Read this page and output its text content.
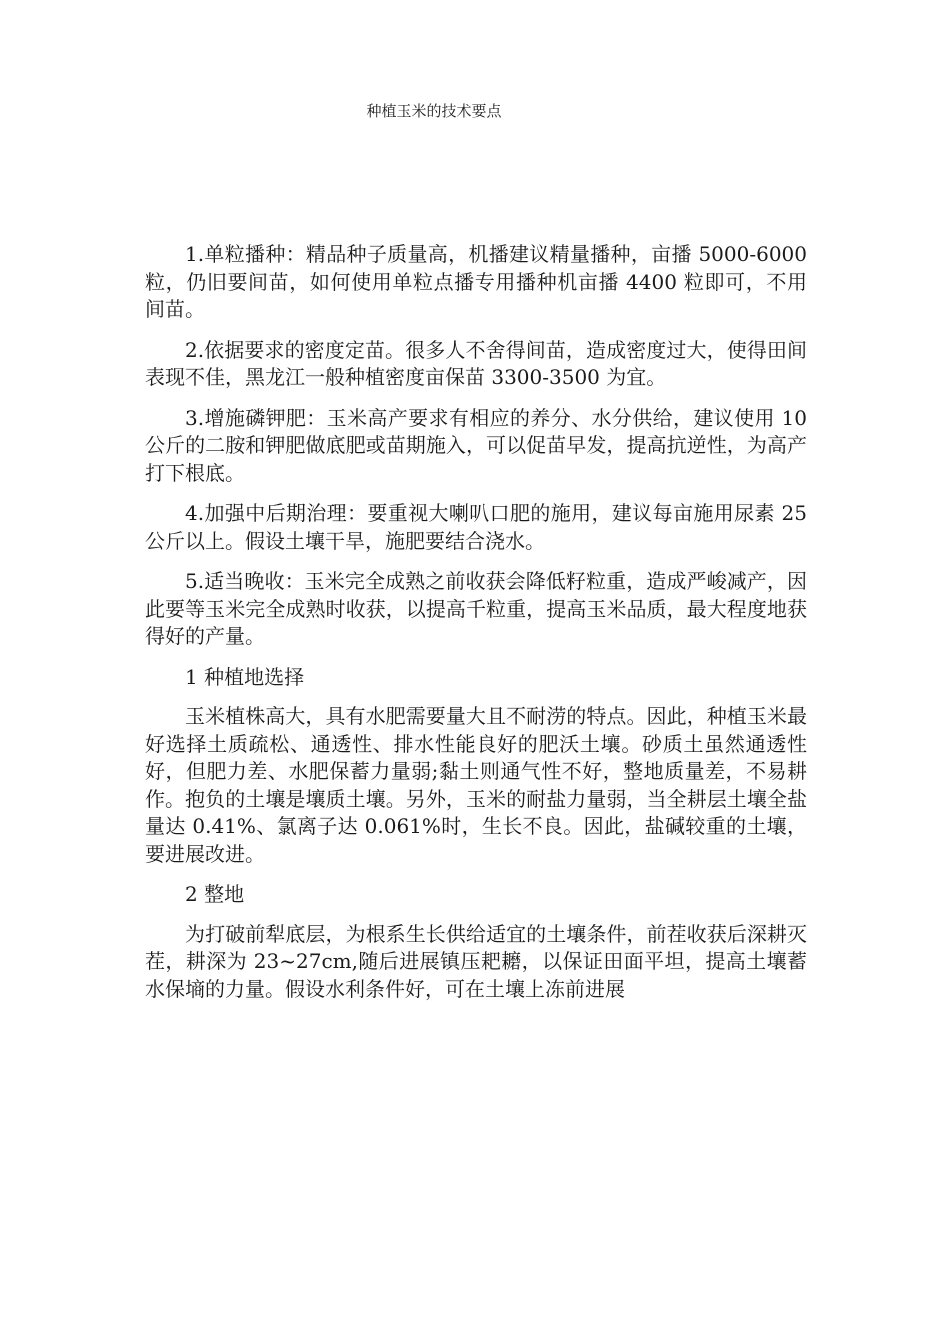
种植玉米的技术要点

1.单粒播种：精品种子质量高，机播建议精量播种，亩播 5000-6000 粒，仍旧要间苗，如何使用单粒点播专用播种机亩播 4400 粒即可，不用间苗。

2.依据要求的密度定苗。很多人不舍得间苗，造成密度过大，使得田间表现不佳，黑龙江一般种植密度亩保苗 3300-3500 为宜。

3.增施磷钾肥：玉米高产要求有相应的养分、水分供给，建议使用 10 公斤的二胺和钾肥做底肥或苗期施入，可以促苗早发，提高抗逆性，为高产打下根底。

4.加强中后期治理：要重视大喇叭口肥的施用，建议每亩施用尿素 25 公斤以上。假设土壤干旱，施肥要结合浇水。

5.适当晚收：玉米完全成熟之前收获会降低籽粒重，造成严峻减产，因此要等玉米完全成熟时收获，以提高千粒重，提高玉米品质，最大程度地获得好的产量。

1 种植地选择

玉米植株高大，具有水肥需要量大且不耐涝的特点。因此，种植玉米最好选择土质疏松、通透性、排水性能良好的肥沃土壤。砂质土虽然通透性好，但肥力差、水肥保蓄力量弱;黏土则通气性不好，整地质量差，不易耕作。抱负的土壤是壤质土壤。另外，玉米的耐盐力量弱，当全耕层土壤全盐量达 0.41%、氯离子达 0.061%时，生长不良。因此，盐碱较重的土壤，要进展改进。

2 整地

为打破前犁底层，为根系生长供给适宜的土壤条件，前茬收获后深耕灭茬，耕深为 23~27cm,随后进展镇压耙耱，以保证田面平坦，提高土壤蓄水保墒的力量。假设水利条件好，可在土壤上冻前进展
